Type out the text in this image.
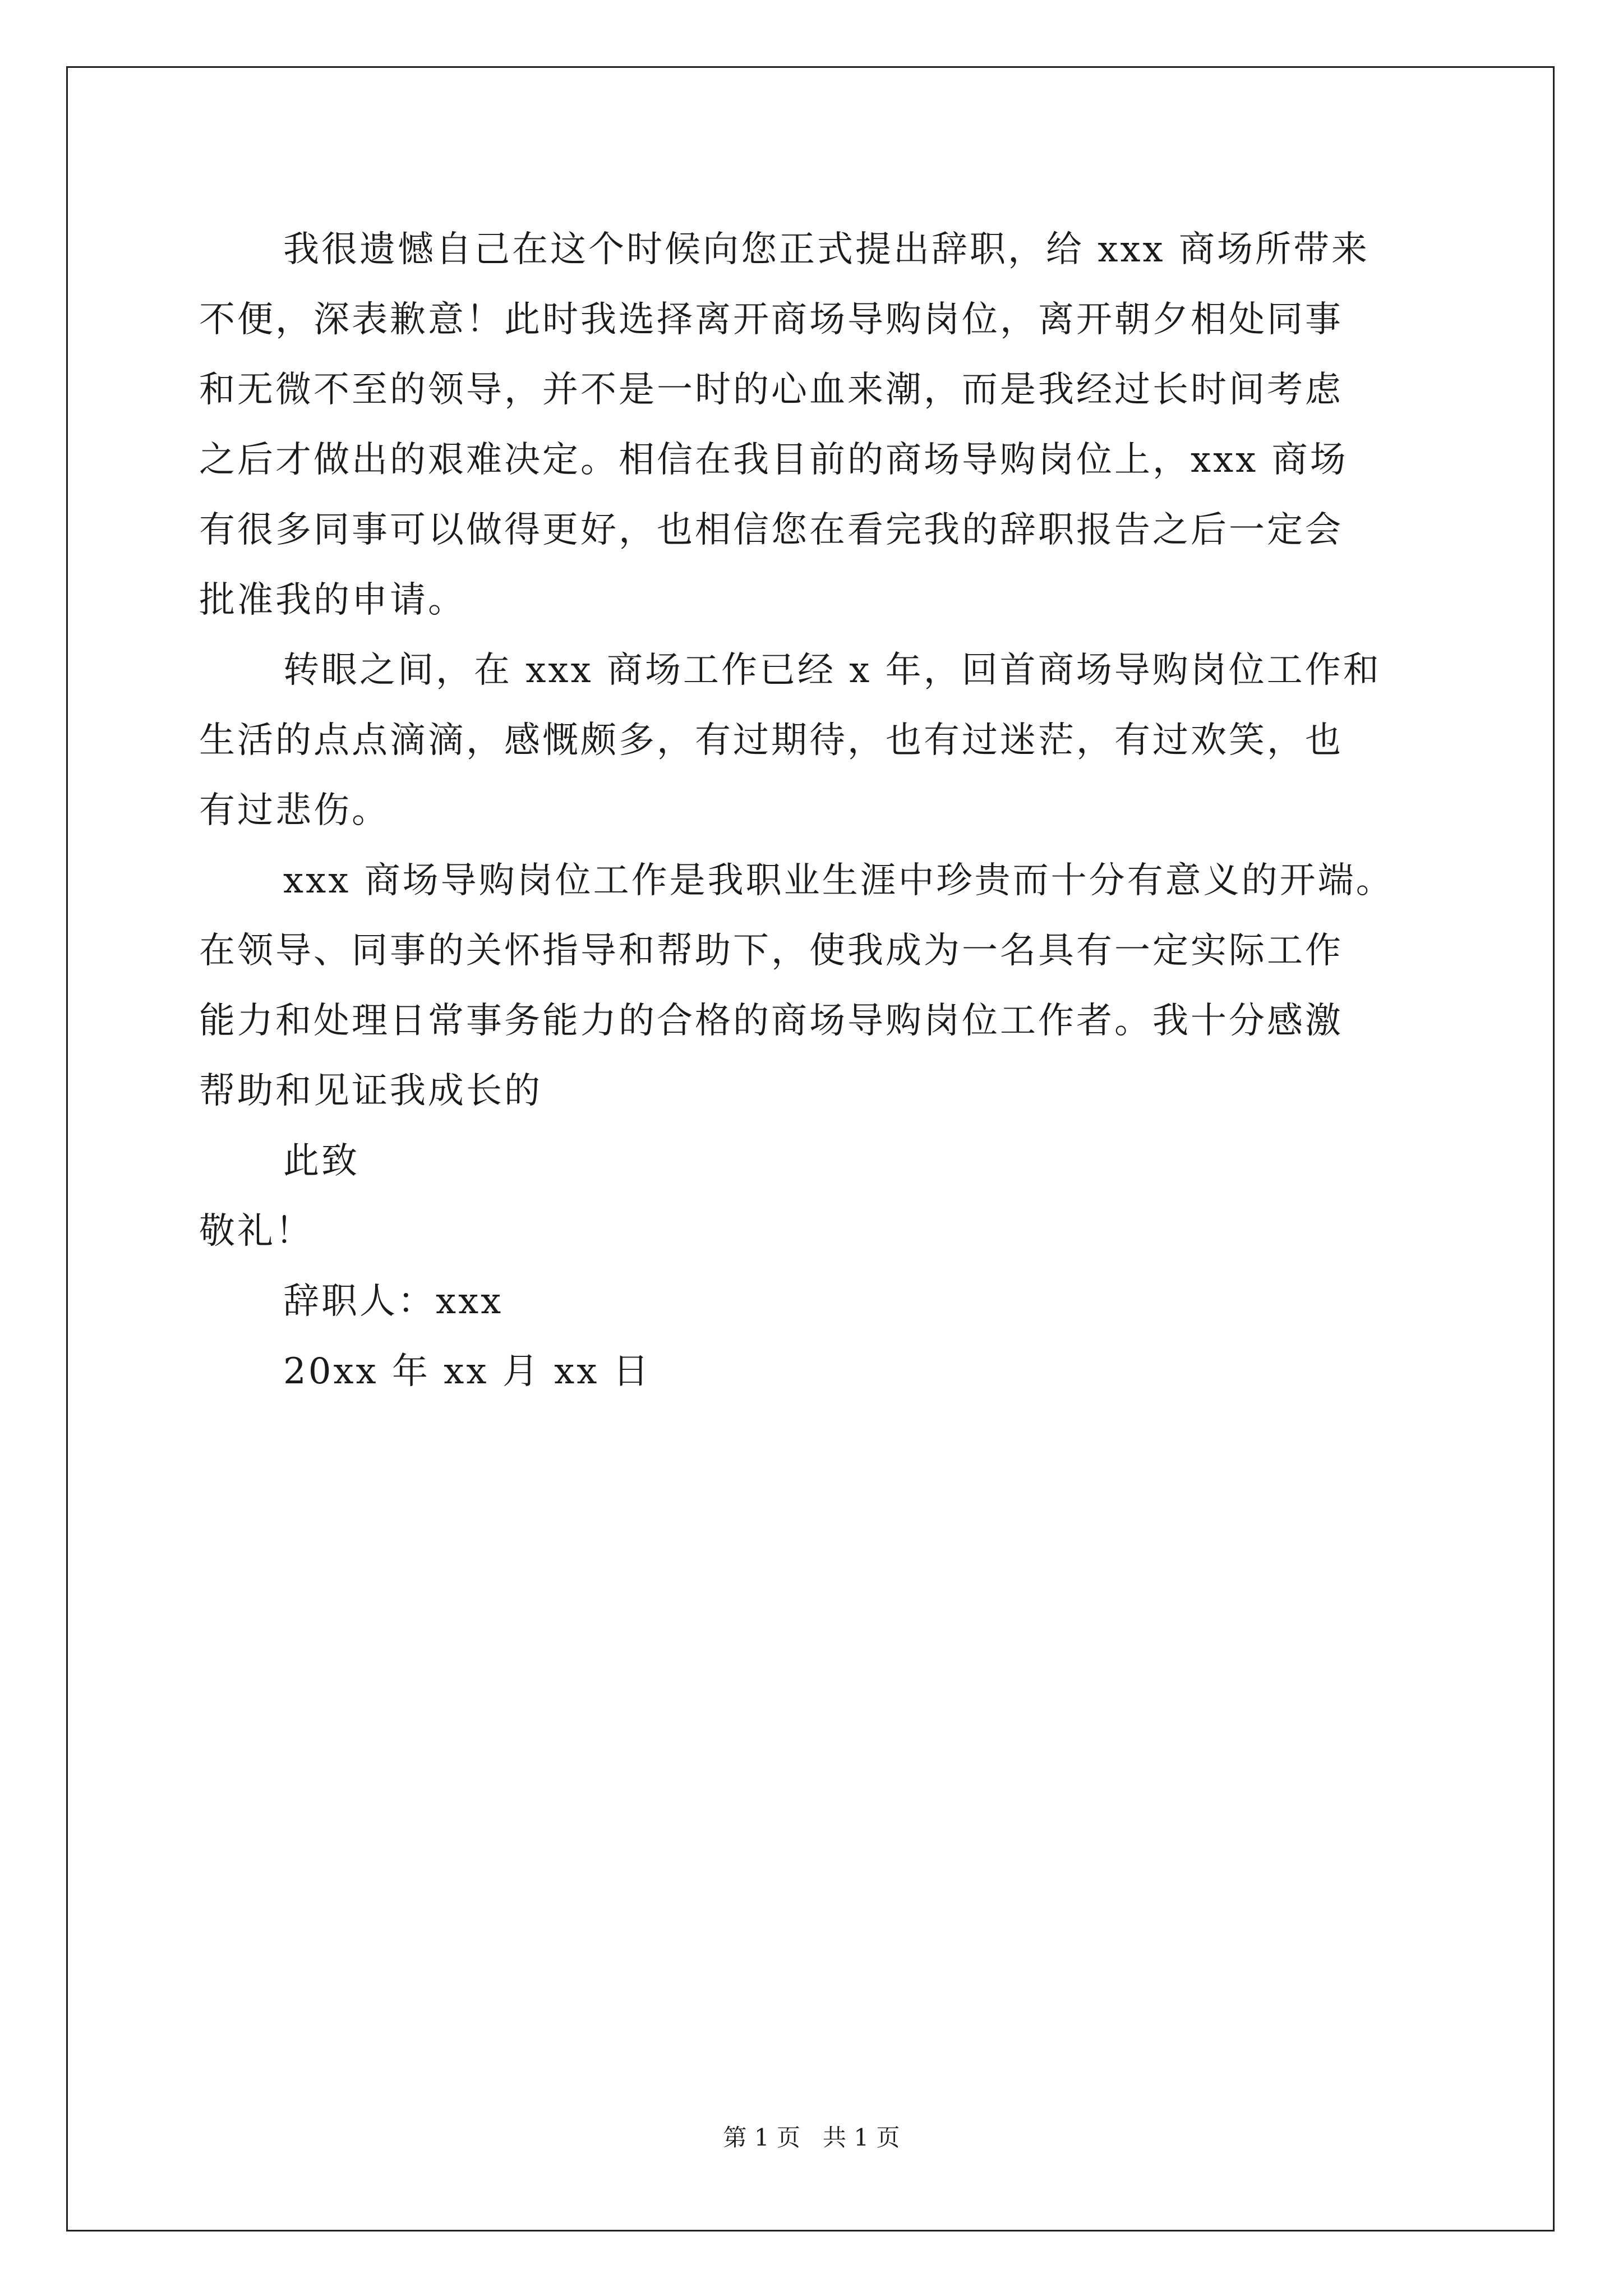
我很遗憾自己在这个时候向您正式提出辞职，给 xxx 商场所带来
不便，深表歉意！此时我选择离开商场导购岗位，离开朝夕相处同事
和无微不至的领导，并不是一时的心血来潮，而是我经过长时间考虑
之后才做出的艰难决定。相信在我目前的商场导购岗位上，xxx 商场
有很多同事可以做得更好，也相信您在看完我的辞职报告之后一定会
批准我的申请。
转眼之间，在 xxx 商场工作已经 x 年，回首商场导购岗位工作和
生活的点点滴滴，感慨颇多，有过期待，也有过迷茫，有过欢笑，也
有过悲伤。
xxx 商场导购岗位工作是我职业生涯中珍贵而十分有意义的开端。
在领导、同事的关怀指导和帮助下，使我成为一名具有一定实际工作
能力和处理日常事务能力的合格的商场导购岗位工作者。我十分感激
帮助和见证我成长的
此致
敬礼！
辞职人：xxx
20xx 年 xx 月 xx 日
第 1 页   共 1 页
